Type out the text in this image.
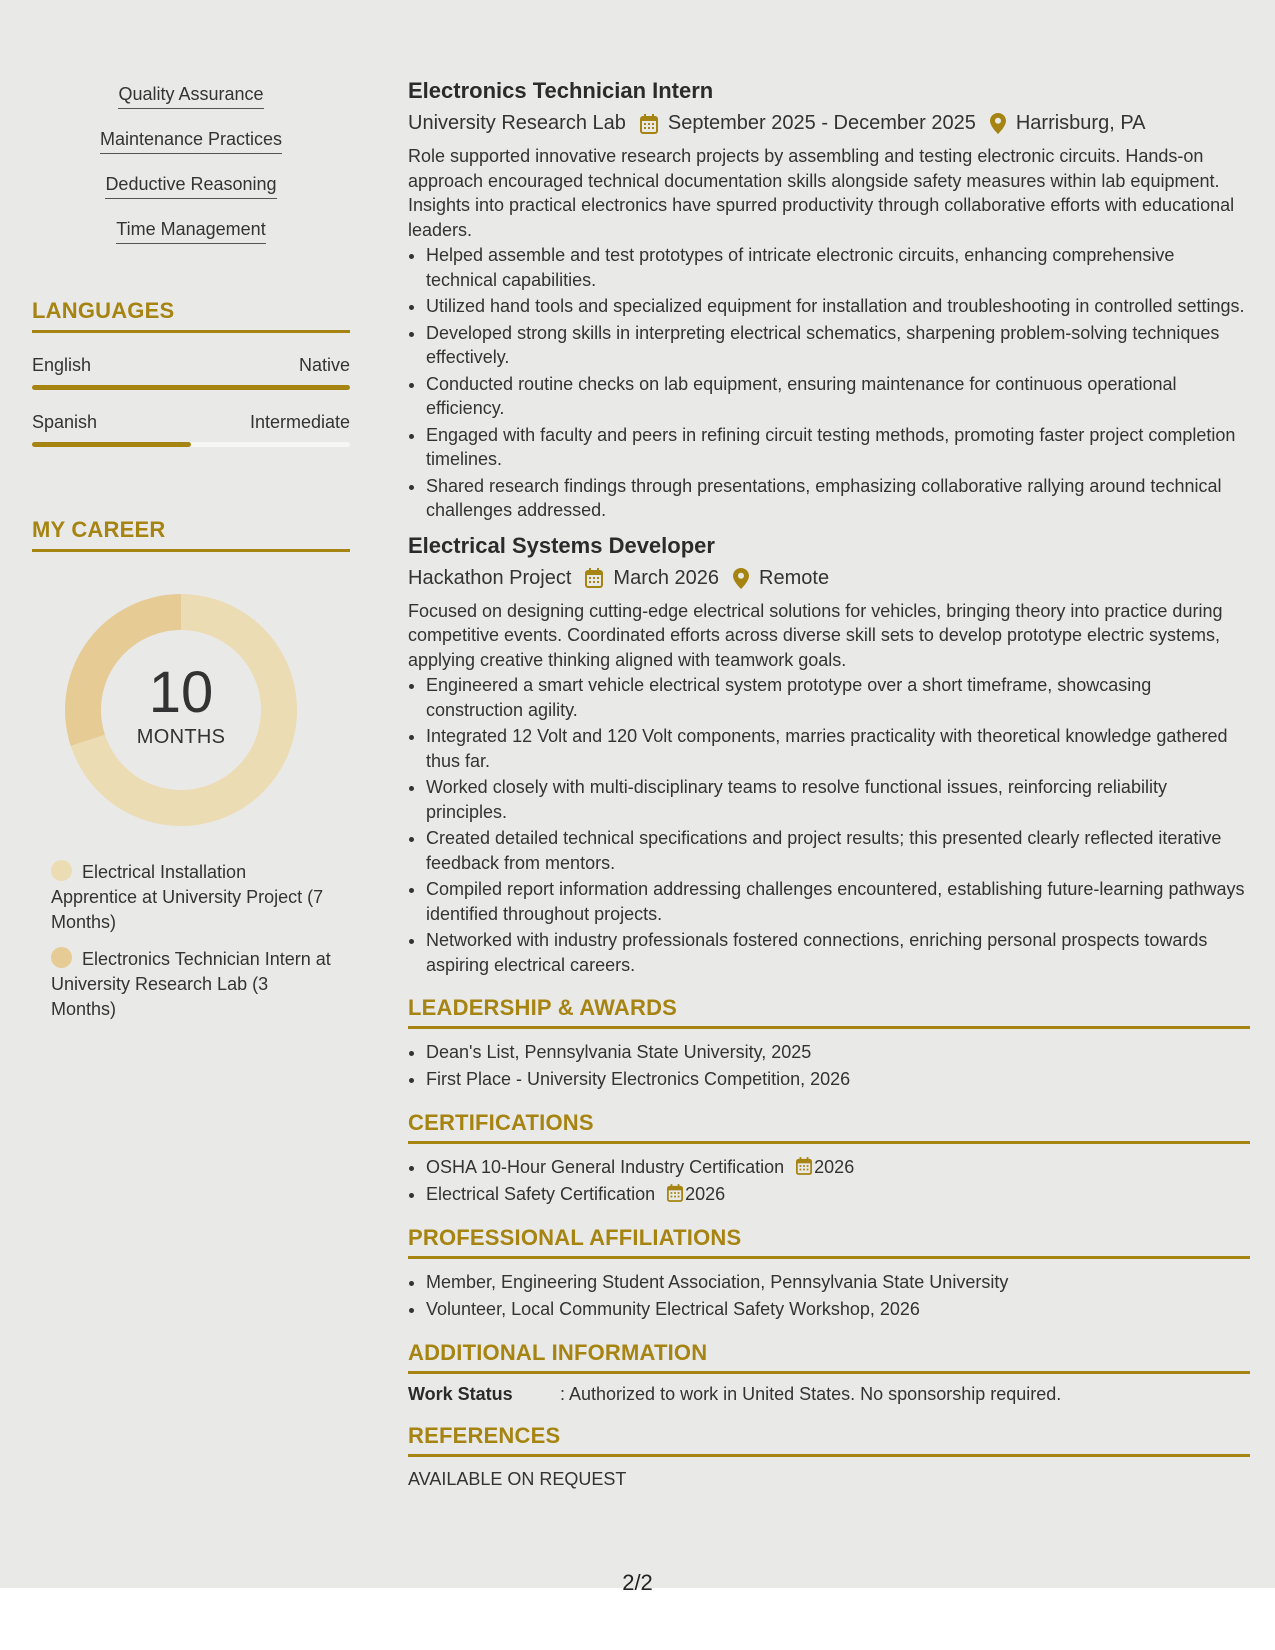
Quality Assurance
Maintenance Practices
Deductive Reasoning
Time Management
LANGUAGES
English	Native
Spanish	Intermediate
MY CAREER
10
MONTHS
Electrical Installation Apprentice at University Project (7 Months)
Electronics Technician Intern at University Research Lab (3 Months)
Electronics Technician Intern
University Research Lab September 2025 - December 2025 Harrisburg, PA
Role supported innovative research projects by assembling and testing electronic circuits. Hands-on approach encouraged technical documentation skills alongside safety measures within lab equipment. Insights into practical electronics have spurred productivity through collaborative efforts with educational leaders.
• Helped assemble and test prototypes of intricate electronic circuits, enhancing comprehensive technical capabilities.
• Utilized hand tools and specialized equipment for installation and troubleshooting in controlled settings.
• Developed strong skills in interpreting electrical schematics, sharpening problem-solving techniques effectively.
• Conducted routine checks on lab equipment, ensuring maintenance for continuous operational efficiency.
• Engaged with faculty and peers in refining circuit testing methods, promoting faster project completion timelines.
• Shared research findings through presentations, emphasizing collaborative rallying around technical challenges addressed.
Electrical Systems Developer
Hackathon Project March 2026 Remote
Focused on designing cutting-edge electrical solutions for vehicles, bringing theory into practice during competitive events. Coordinated efforts across diverse skill sets to develop prototype electric systems, applying creative thinking aligned with teamwork goals.
• Engineered a smart vehicle electrical system prototype over a short timeframe, showcasing construction agility.
• Integrated 12 Volt and 120 Volt components, marries practicality with theoretical knowledge gathered thus far.
• Worked closely with multi-disciplinary teams to resolve functional issues, reinforcing reliability principles.
• Created detailed technical specifications and project results; this presented clearly reflected iterative feedback from mentors.
• Compiled report information addressing challenges encountered, establishing future-learning pathways identified throughout projects.
• Networked with industry professionals fostered connections, enriching personal prospects towards aspiring electrical careers.
LEADERSHIP & AWARDS
• Dean's List, Pennsylvania State University, 2025
• First Place - University Electronics Competition, 2026
CERTIFICATIONS
• OSHA 10-Hour General Industry Certification 2026
• Electrical Safety Certification 2026
PROFESSIONAL AFFILIATIONS
• Member, Engineering Student Association, Pennsylvania State University
• Volunteer, Local Community Electrical Safety Workshop, 2026
ADDITIONAL INFORMATION
Work Status	: Authorized to work in United States. No sponsorship required.
REFERENCES
AVAILABLE ON REQUEST
2/2
